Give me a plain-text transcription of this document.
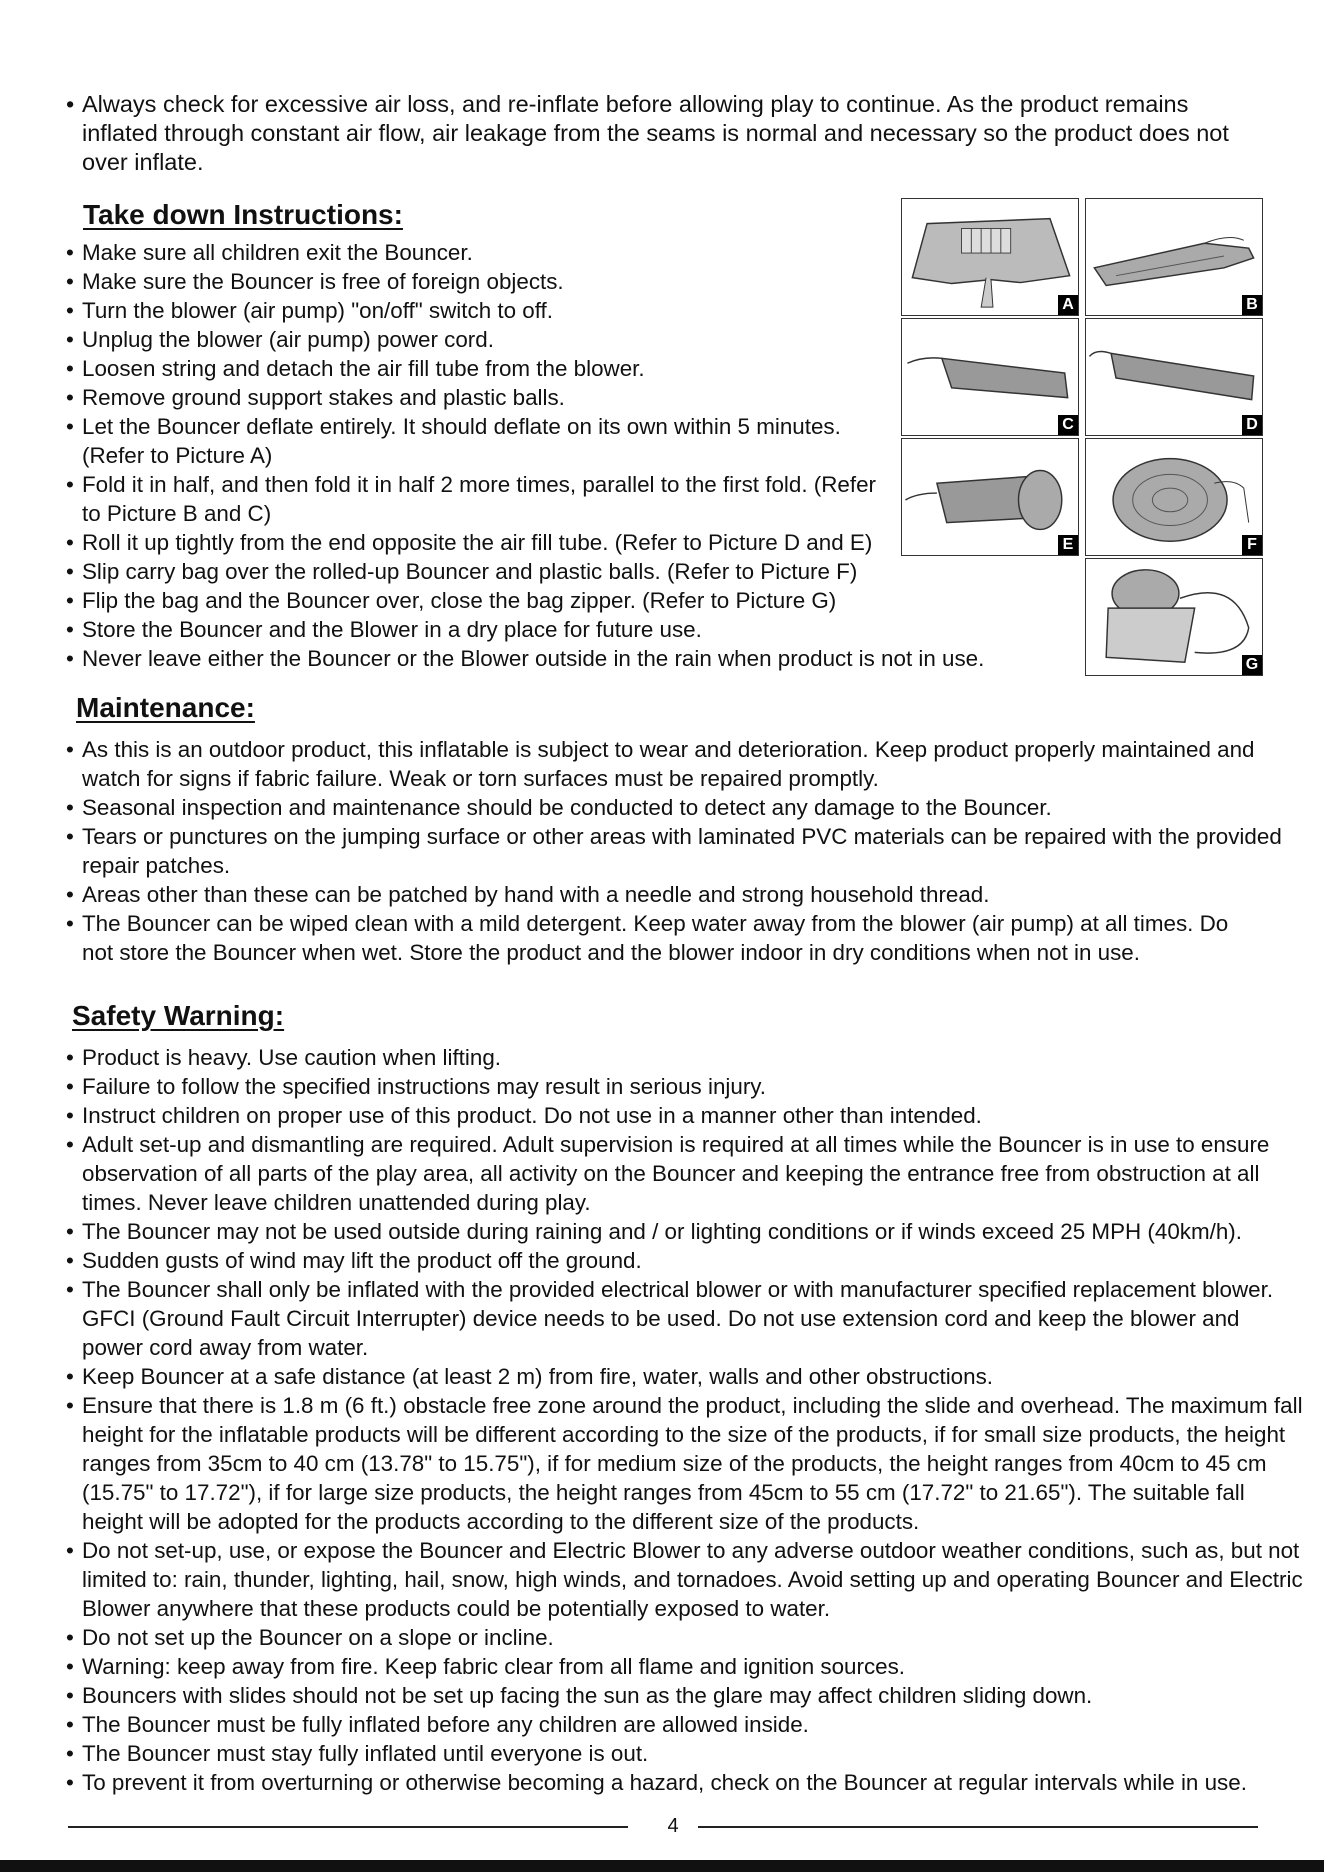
• Always check for excessive air loss, and re-inflate before allowing play to continue. As the product remains inflated through constant air flow, air leakage from the seams is normal and necessary so the product does not over inflate.
Take down Instructions:
• Make sure all children exit the Bouncer.
• Make sure the Bouncer is free of foreign objects.
• Turn the blower (air pump) "on/off" switch to off.
• Unplug the blower (air pump) power cord.
• Loosen string and detach the air fill tube from the blower.
• Remove ground support stakes and plastic balls.
• Let the Bouncer deflate entirely. It should deflate on its own within 5 minutes. (Refer to Picture A)
• Fold it in half, and then fold it in half 2 more times, parallel to the first fold. (Refer to Picture B and C)
• Roll it up tightly from the end opposite the air fill tube. (Refer to Picture D and E)
• Slip carry bag over the rolled-up Bouncer and plastic balls. (Refer to Picture F)
• Flip the bag and the Bouncer over, close the bag zipper. (Refer to Picture G)
• Store the Bouncer and the Blower in a dry place for future use.
• Never leave either the Bouncer or the Blower outside in the rain when product is not in use.
A	B
C	D
E	F
G
Maintenance:
• As this is an outdoor product, this inflatable is subject to wear and deterioration. Keep product properly maintained and watch for signs if fabric failure. Weak or torn surfaces must be repaired promptly.
• Seasonal inspection and maintenance should be conducted to detect any damage to the Bouncer.
• Tears or punctures on the jumping surface or other areas with laminated PVC materials can be repaired with the provided repair patches.
• Areas other than these can be patched by hand with a needle and strong household thread.
• The Bouncer can be wiped clean with a mild detergent. Keep water away from the blower (air pump) at all times. Do not store the Bouncer when wet. Store the product and the blower indoor in dry conditions when not in use.
Safety Warning:
• Product is heavy. Use caution when lifting.
• Failure to follow the specified instructions may result in serious injury.
• Instruct children on proper use of this product. Do not use in a manner other than intended.
• Adult set-up and dismantling are required. Adult supervision is required at all times while the Bouncer is in use to ensure observation of all parts of the play area, all activity on the Bouncer and keeping the entrance free from obstruction at all times. Never leave children unattended during play.
• The Bouncer may not be used outside during raining and / or lighting conditions or if winds exceed 25 MPH (40km/h).
• Sudden gusts of wind may lift the product off the ground.
• The Bouncer shall only be inflated with the provided electrical blower or with manufacturer specified replacement blower. GFCI (Ground Fault Circuit Interrupter) device needs to be used. Do not use extension cord and keep the blower and power cord away from water.
• Keep Bouncer at a safe distance (at least 2 m) from fire, water, walls and other obstructions.
• Ensure that there is 1.8 m (6 ft.) obstacle free zone around the product, including the slide and overhead. The maximum fall height for the inflatable products will be different according to the size of the products, if for small size products, the height ranges from 35cm to 40 cm (13.78" to 15.75"), if for medium size of the products, the height ranges from 40cm to 45 cm (15.75" to 17.72"), if for large size products, the height ranges from 45cm to 55 cm (17.72" to 21.65"). The suitable fall height will be adopted for the products according to the different size of the products.
• Do not set-up, use, or expose the Bouncer and Electric Blower to any adverse outdoor weather conditions, such as, but not limited to: rain, thunder, lighting, hail, snow, high winds, and tornadoes. Avoid setting up and operating Bouncer and Electric Blower anywhere that these products could be potentially exposed to water.
• Do not set up the Bouncer on a slope or incline.
• Warning: keep away from fire. Keep fabric clear from all flame and ignition sources.
• Bouncers with slides should not be set up facing the sun as the glare may affect children sliding down.
• The Bouncer must be fully inflated before any children are allowed inside.
• The Bouncer must stay fully inflated until everyone is out.
• To prevent it from overturning or otherwise becoming a hazard, check on the Bouncer at regular intervals while in use.
4
